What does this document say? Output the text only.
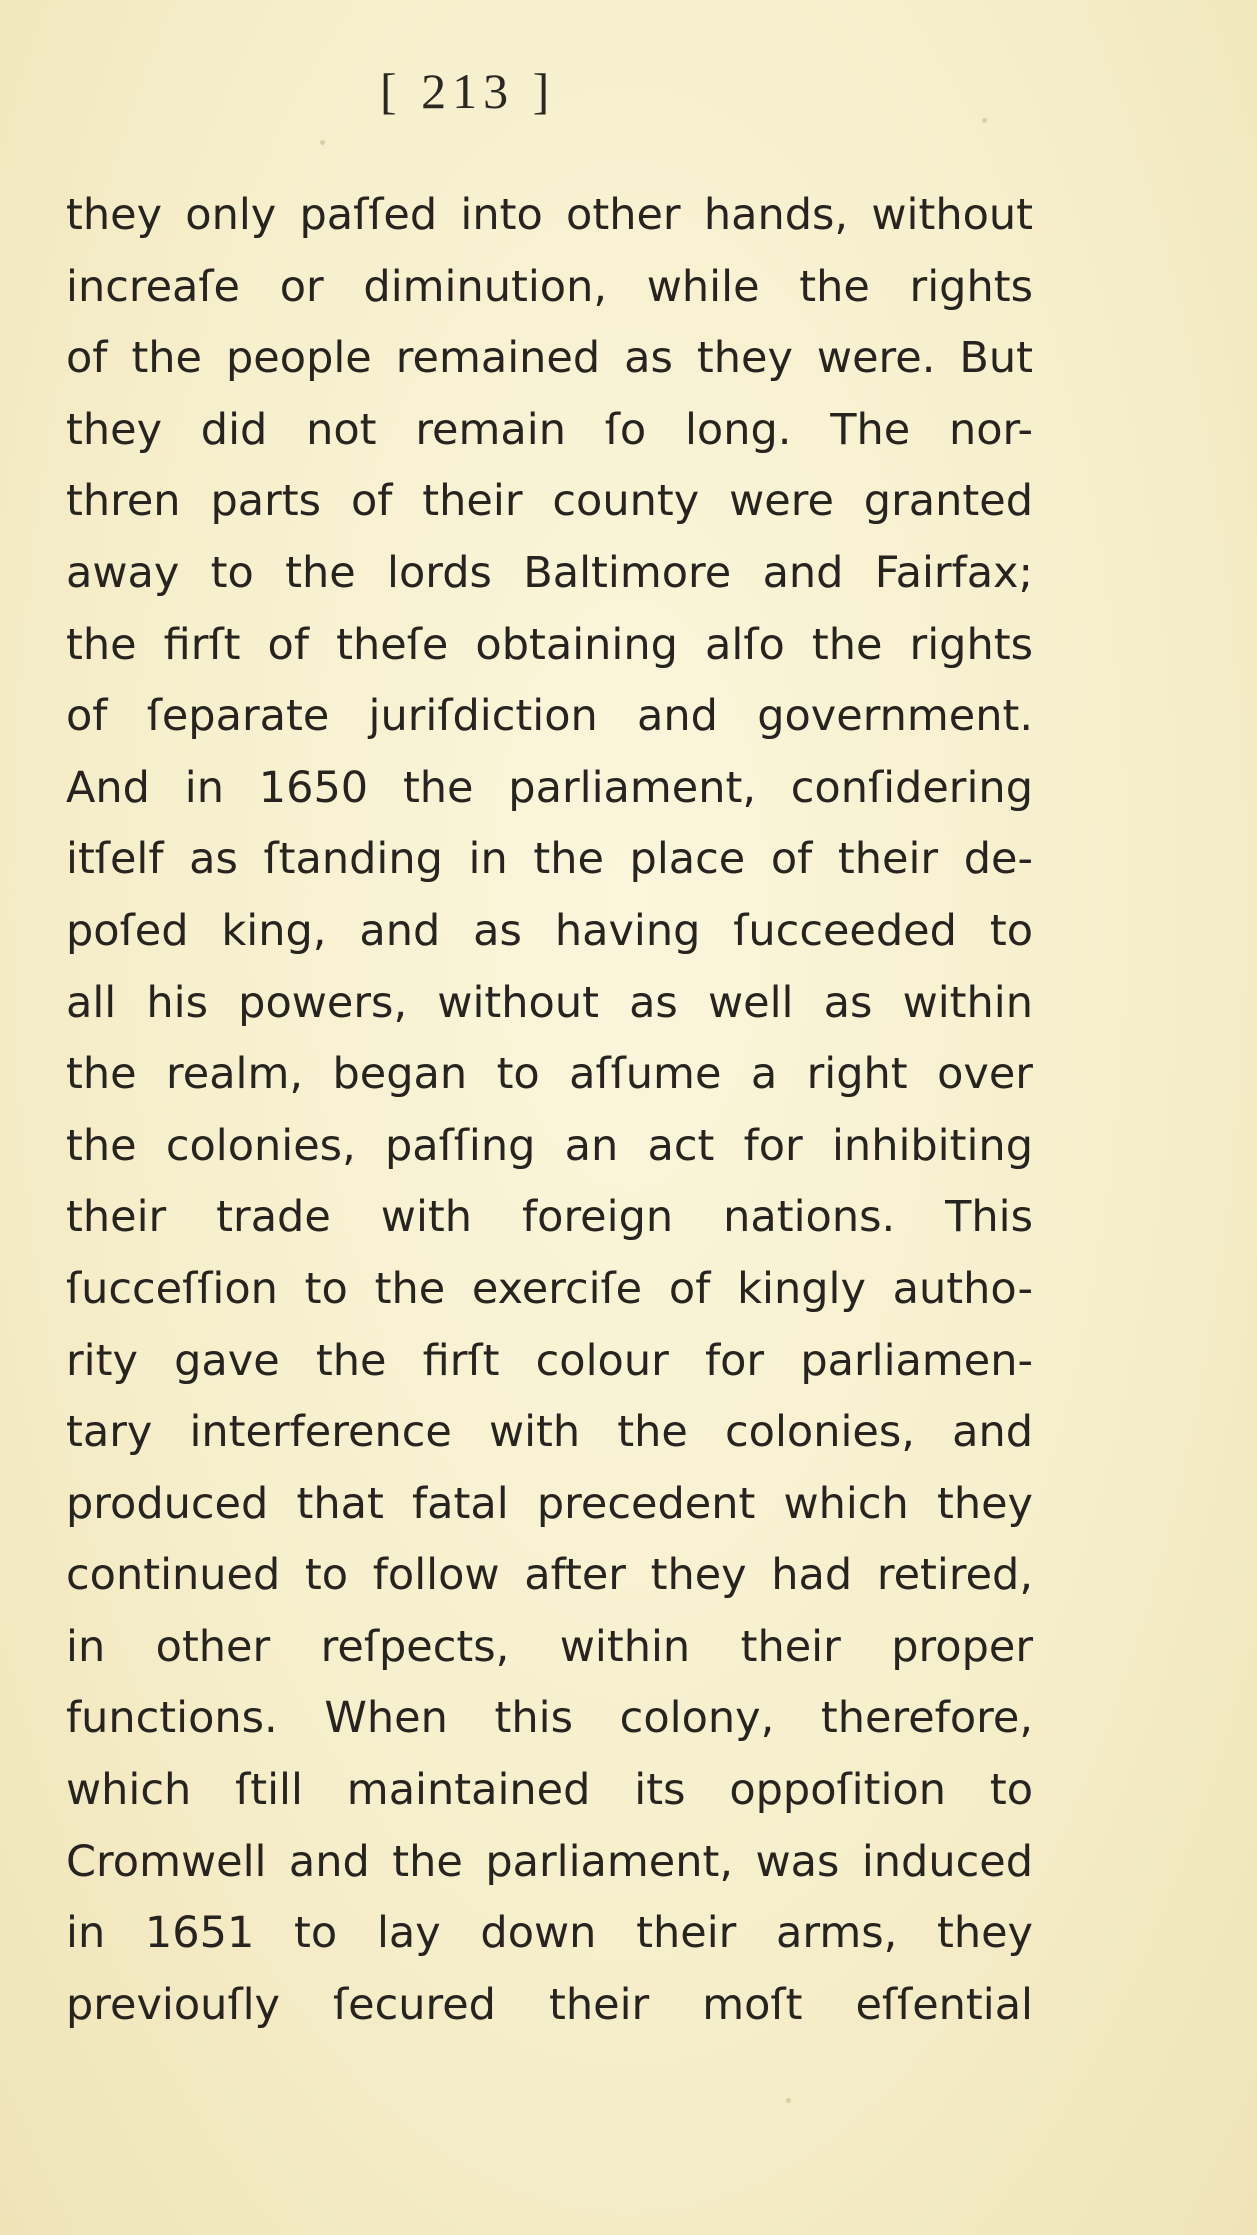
[ 213 ]
they only paſſed into other hands, without
increaſe or diminution, while the rights
of the people remained as they were. But
they did not remain ſo long. The nor-
thren parts of their county were granted
away to the lords Baltimore and Fairfax;
the firſt of theſe obtaining alſo the rights
of ſeparate juriſdiction and government.
And in 1650 the parliament, conſidering
itſelf as ſtanding in the place of their de-
poſed king, and as having ſucceeded to
all his powers, without as well as within
the realm, began to aſſume a right over
the colonies, paſſing an act for inhibiting
their trade with foreign nations. This
ſucceſſion to the exerciſe of kingly autho-
rity gave the firſt colour for parliamen-
tary interference with the colonies, and
produced that fatal precedent which they
continued to follow after they had retired,
in other reſpects, within their proper
functions. When this colony, therefore,
which ſtill maintained its oppoſition to
Cromwell and the parliament, was induced
in 1651 to lay down their arms, they
previouſly ſecured their moſt eſſential
